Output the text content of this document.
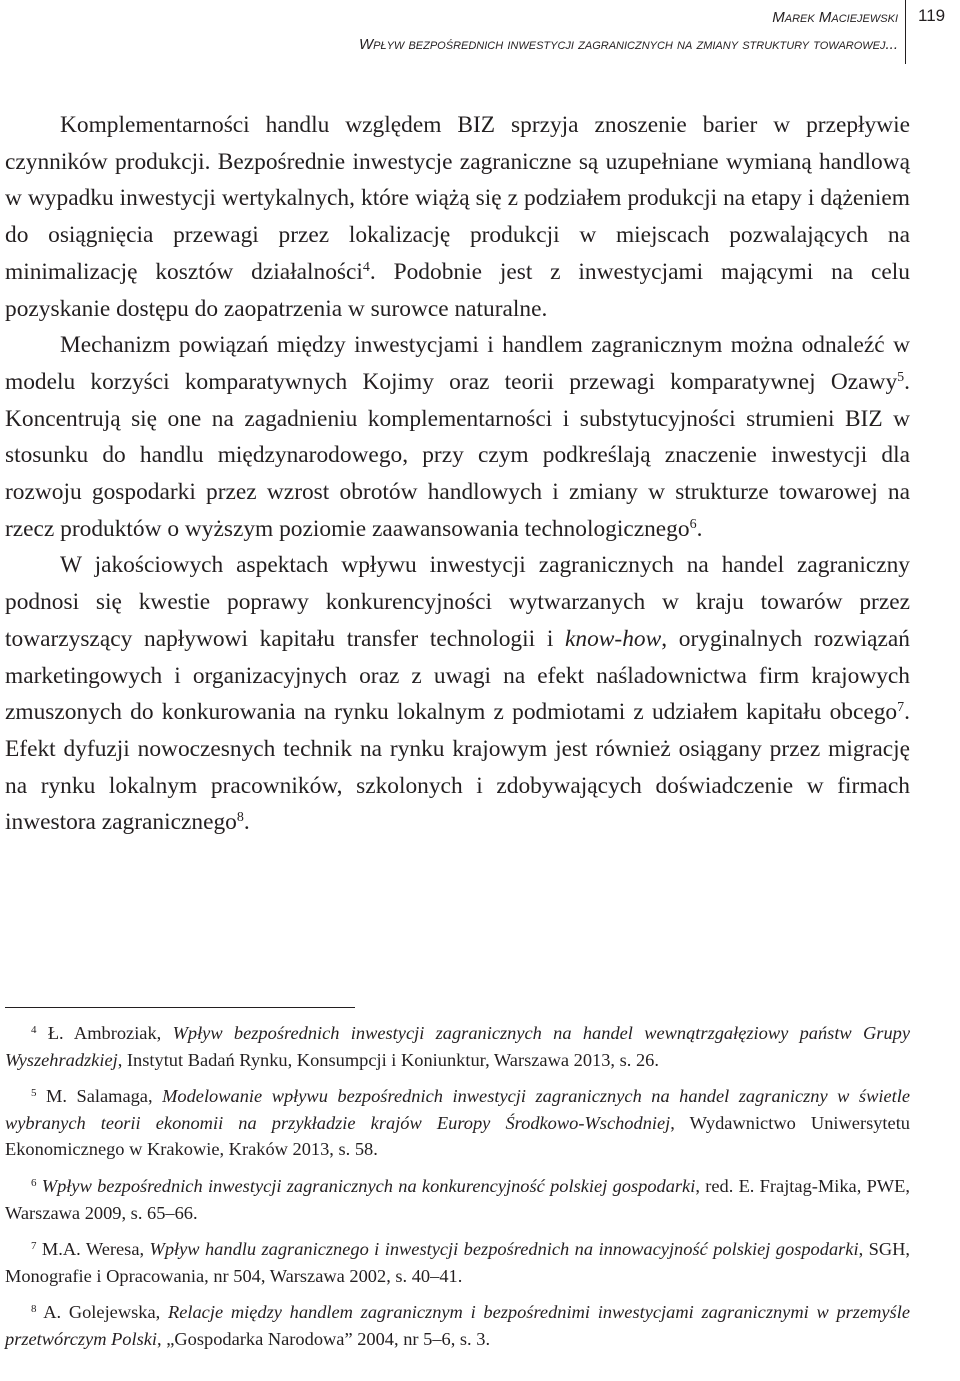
Marek Maciejewski
Wpływ bezpośrednich inwestycji zagranicznych na zmiany struktury towarowej...
119

Komplementarności handlu względem BIZ sprzyja znoszenie barier w przepływie czynników produkcji. Bezpośrednie inwestycje zagraniczne są uzupełniane wymianą handlową w wypadku inwestycji wertykalnych, które wiążą się z podziałem produkcji na etapy i dążeniem do osiągnięcia przewagi przez lokalizację produkcji w miejscach pozwalających na minimalizację kosztów działalności$^4$. Podobnie jest z inwestycjami mającymi na celu pozyskanie dostępu do zaopatrzenia w surowce naturalne.

Mechanizm powiązań między inwestycjami i handlem zagranicznym można odnaleźć w modelu korzyści komparatywnych Kojimy oraz teorii przewagi komparatywnej Ozawy$^5$. Koncentrują się one na zagadnieniu komplementarności i substytucyjności strumieni BIZ w stosunku do handlu międzynarodowego, przy czym podkreślają znaczenie inwestycji dla rozwoju gospodarki przez wzrost obrotów handlowych i zmiany w strukturze towarowej na rzecz produktów o wyższym poziomie zaawansowania technologicznego$^6$.

W jakościowych aspektach wpływu inwestycji zagranicznych na handel zagraniczny podnosi się kwestie poprawy konkurencyjności wytwarzanych w kraju towarów przez towarzyszący napływowi kapitału transfer technologii i know-how, oryginalnych rozwiązań marketingowych i organizacyjnych oraz z uwagi na efekt naśladownictwa firm krajowych zmuszonych do konkurowania na rynku lokalnym z podmiotami z udziałem kapitału obcego$^7$. Efekt dyfuzji nowoczesnych technik na rynku krajowym jest również osiągany przez migrację na rynku lokalnym pracowników, szkolonych i zdobywających doświadczenie w firmach inwestora zagranicznego$^8$.

$^4$ Ł. Ambroziak, Wpływ bezpośrednich inwestycji zagranicznych na handel wewnątrzgałęziowy państw Grupy Wyszehradzkiej, Instytut Badań Rynku, Konsumpcji i Koniunktur, Warszawa 2013, s. 26.

$^5$ M. Salamaga, Modelowanie wpływu bezpośrednich inwestycji zagranicznych na handel zagraniczny w świetle wybranych teorii ekonomii na przykładzie krajów Europy Środkowo-Wschodniej, Wydawnictwo Uniwersytetu Ekonomicznego w Krakowie, Kraków 2013, s. 58.

$^6$ Wpływ bezpośrednich inwestycji zagranicznych na konkurencyjność polskiej gospodarki, red. E. Frajtag-Mika, PWE, Warszawa 2009, s. 65–66.

$^7$ M.A. Weresa, Wpływ handlu zagranicznego i inwestycji bezpośrednich na innowacyjność polskiej gospodarki, SGH, Monografie i Opracowania, nr 504, Warszawa 2002, s. 40–41.

$^8$ A. Golejewska, Relacje między handlem zagranicznym i bezpośrednimi inwestycjami zagranicznymi w przemyśle przetwórczym Polski, „Gospodarka Narodowa” 2004, nr 5–6, s. 3.
